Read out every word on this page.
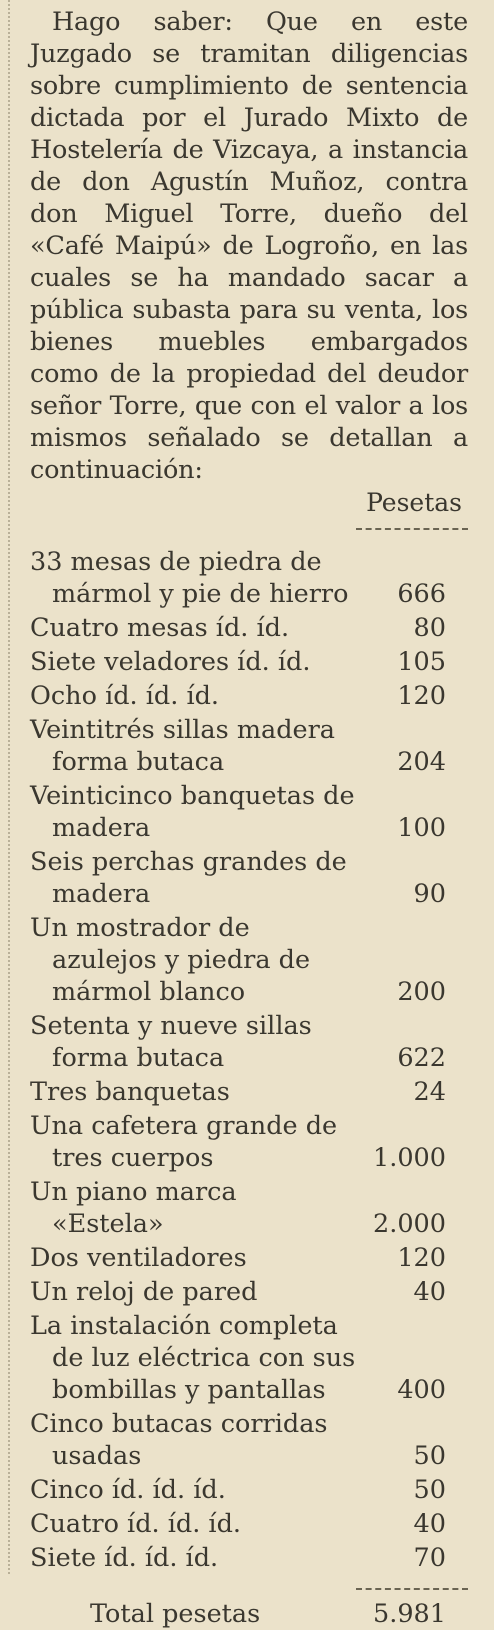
Hago saber: Que en este Juzgado se tramitan diligencias sobre cumplimiento de sentencia dictada por el Jurado Mixto de Hostelería de Vizcaya, a instancia de don Agustín Muñoz, contra don Miguel Torre, dueño del «Café Maipú» de Logroño, en las cuales se ha mandado sacar a pública subasta para su venta, los bienes muebles embargados como de la propiedad del deudor señor Torre, que con el valor a los mismos señalado se detallan a continuación:

Pesetas
33 mesas de piedra de mármol y pie de hierro	666
Cuatro mesas íd. íd.	80
Siete veladores íd. íd.	105
Ocho íd. íd. íd.	120
Veintitrés sillas madera forma butaca	204
Veinticinco banquetas de madera	100
Seis perchas grandes de madera	90
Un mostrador de azulejos y piedra de mármol blanco	200
Setenta y nueve sillas forma butaca	622
Tres banquetas	24
Una cafetera grande de tres cuerpos	1.000
Un piano marca «Estela»	2.000
Dos ventiladores	120
Un reloj de pared	40
La instalación completa de luz eléctrica con sus bombillas y pantallas	400
Cinco butacas corridas usadas	50
Cinco íd. íd. íd.	50
Cuatro íd. íd. íd.	40
Siete íd. íd. íd.	70
Total pesetas	5.981
